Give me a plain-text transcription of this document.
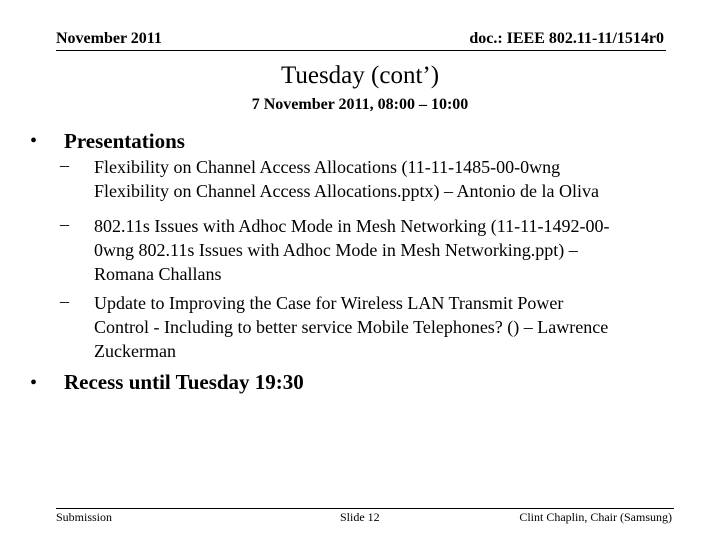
November 2011	doc.: IEEE 802.11-11/1514r0
Tuesday (cont’)
7 November 2011, 08:00 – 10:00
• Presentations
– Flexibility on Channel Access Allocations (11-11-1485-00-0wng
Flexibility on Channel Access Allocations.pptx) – Antonio de la Oliva
– 802.11s Issues with Adhoc Mode in Mesh Networking (11-11-1492-00-
0wng 802.11s Issues with Adhoc Mode in Mesh Networking.ppt) –
Romana Challans
– Update to Improving the Case for Wireless LAN Transmit Power
Control - Including to better service Mobile Telephones? () – Lawrence
Zuckerman
• Recess until Tuesday 19:30
Submission	Slide 12	Clint Chaplin, Chair (Samsung)
